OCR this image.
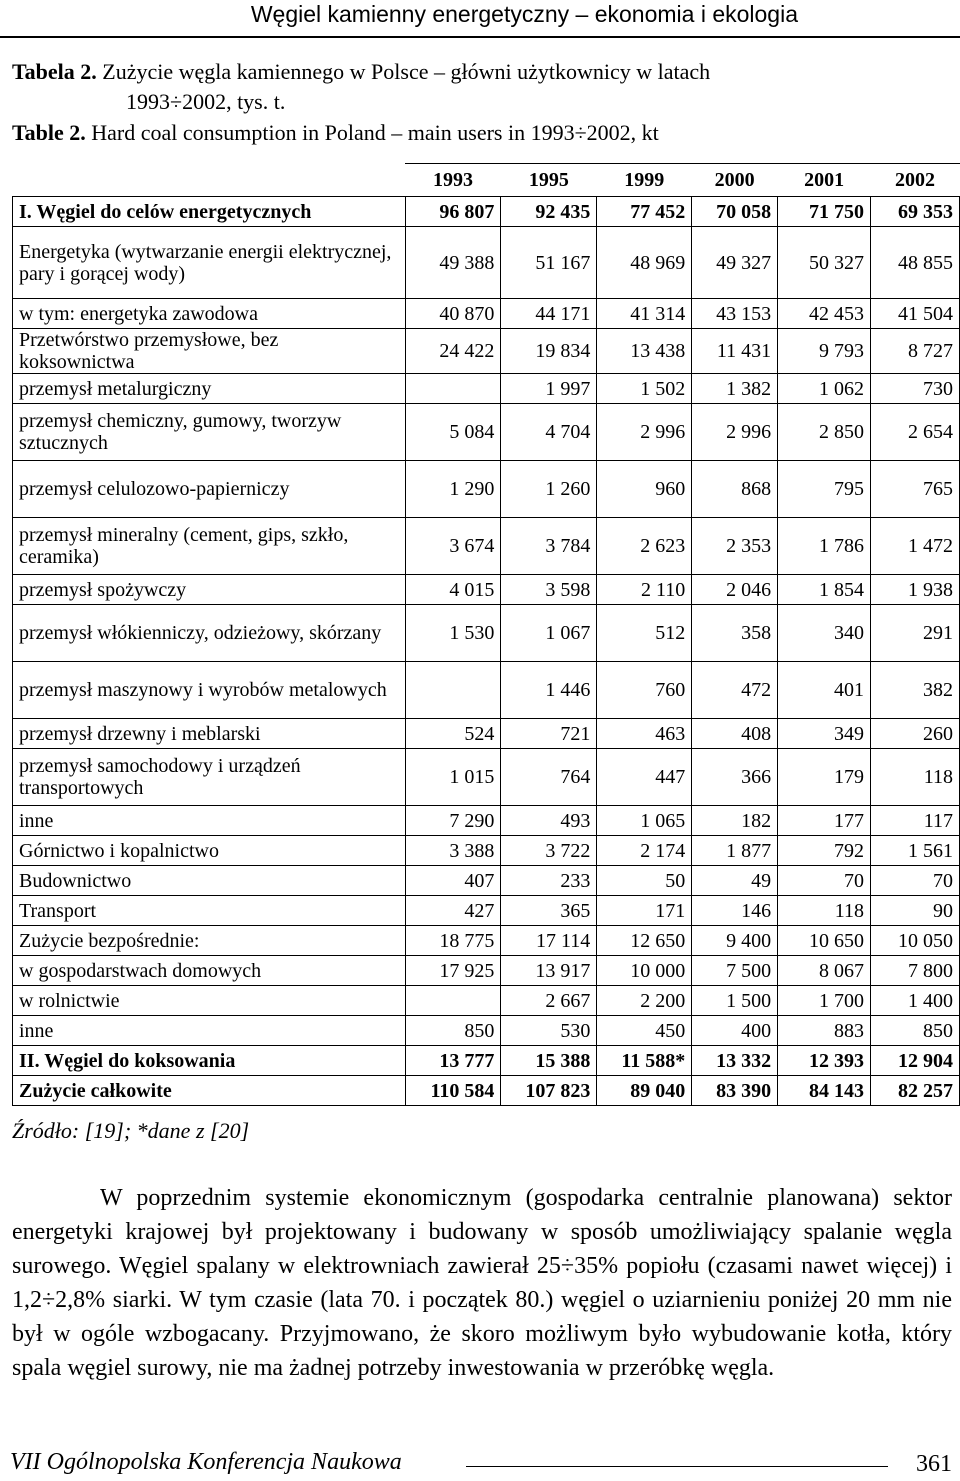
Węgiel kamienny energetyczny – ekonomia i ekologia
Tabela 2. Zużycie węgla kamiennego w Polsce – główni użytkownicy w latach
1993÷2002, tys. t.
Table 2. Hard coal consumption in Poland – main users in 1993÷2002, kt
	1993	1995	1999	2000	2001	2002
I. Węgiel do celów energetycznych	96 807	92 435	77 452	70 058	71 750	69 353
Energetyka (wytwarzanie energii elektrycznej, pary i gorącej wody)	49 388	51 167	48 969	49 327	50 327	48 855
w tym: energetyka zawodowa	40 870	44 171	41 314	43 153	42 453	41 504
Przetwórstwo przemysłowe, bez koksownictwa	24 422	19 834	13 438	11 431	9 793	8 727
przemysł metalurgiczny		1 997	1 502	1 382	1 062	730
przemysł chemiczny, gumowy, tworzyw sztucznych	5 084	4 704	2 996	2 996	2 850	2 654
przemysł celulozowo-papierniczy	1 290	1 260	960	868	795	765
przemysł mineralny (cement, gips, szkło, ceramika)	3 674	3 784	2 623	2 353	1 786	1 472
przemysł spożywczy	4 015	3 598	2 110	2 046	1 854	1 938
przemysł włókienniczy, odzieżowy, skórzany	1 530	1 067	512	358	340	291
przemysł maszynowy i wyrobów metalowych		1 446	760	472	401	382
przemysł drzewny i meblarski	524	721	463	408	349	260
przemysł samochodowy i urządzeń transportowych	1 015	764	447	366	179	118
inne	7 290	493	1 065	182	177	117
Górnictwo i kopalnictwo	3 388	3 722	2 174	1 877	792	1 561
Budownictwo	407	233	50	49	70	70
Transport	427	365	171	146	118	90
Zużycie bezpośrednie:	18 775	17 114	12 650	9 400	10 650	10 050
w gospodarstwach domowych	17 925	13 917	10 000	7 500	8 067	7 800
w rolnictwie		2 667	2 200	1 500	1 700	1 400
inne	850	530	450	400	883	850
II. Węgiel do koksowania	13 777	15 388	11 588*	13 332	12 393	12 904
Zużycie całkowite	110 584	107 823	89 040	83 390	84 143	82 257
Źródło: [19]; *dane z [20]

W poprzednim systemie ekonomicznym (gospodarka centralnie planowana) sektor energetyki krajowej był projektowany i budowany w sposób umożliwiający spalanie węgla surowego. Węgiel spalany w elektrowniach zawierał 25÷35% popiołu (czasami nawet więcej) i 1,2÷2,8% siarki. W tym czasie (lata 70. i początek 80.) węgiel o uziarnieniu poniżej 20 mm nie był w ogóle wzbogacany. Przyjmowano, że skoro możliwym było wybudowanie kotła, który spala węgiel surowy, nie ma żadnej potrzeby inwestowania w przeróbkę węgla.

VII Ogólnopolska Konferencja Naukowa	361
